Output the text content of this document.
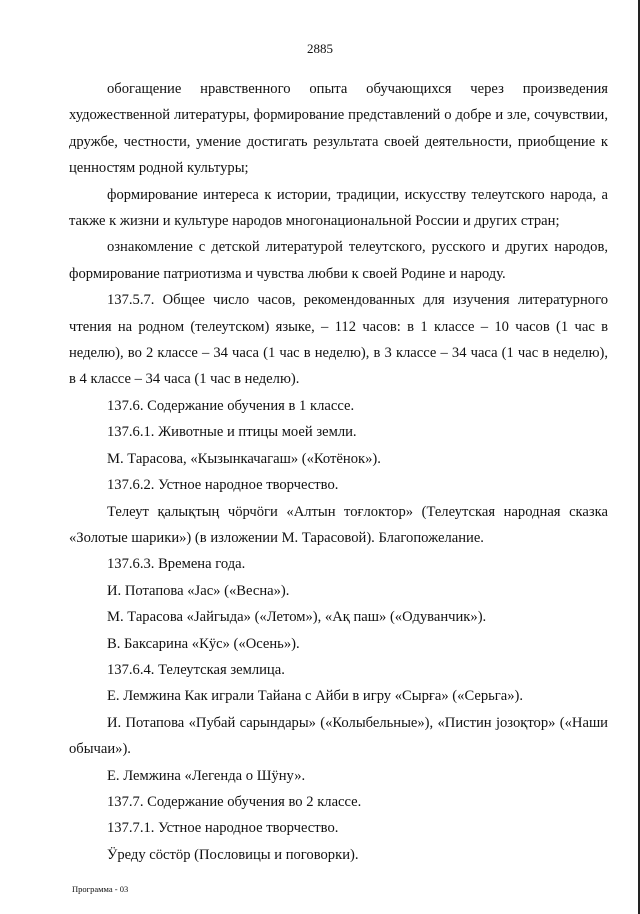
2885

обогащение нравственного опыта обучающихся через произведения художественной литературы, формирование представлений о добре и зле, сочувствии, дружбе, честности, умение достигать результата своей деятельности, приобщение к ценностям родной культуры;

формирование интереса к истории, традиции, искусству телеутского народа, а также к жизни и культуре народов многонациональной России и других стран;

ознакомление с детской литературой телеутского, русского и других народов, формирование патриотизма и чувства любви к своей Родине и народу.

137.5.7. Общее число часов, рекомендованных для изучения литературного чтения на родном (телеутском) языке, – 112 часов: в 1 классе – 10 часов (1 час в неделю), во 2 классе – 34 часа (1 час в неделю), в 3 классе – 34 часа (1 час в неделю), в 4 классе – 34 часа (1 час в неделю).

137.6. Содержание обучения в 1 классе.

137.6.1. Животные и птицы моей земли.

М. Тарасова, «Кызынкачагаш» («Котёнок»).

137.6.2. Устное народное творчество.

Телеут қалықтың чӧрчӧги «Алтын тоғлоктор» (Телеутская народная сказка «Золотые шарики») (в изложении М. Тарасовой). Благопожелание.

137.6.3. Времена года.

И. Потапова «Јас» («Весна»).

М. Тарасова «Јайгыда» («Летом»), «Ақ паш» («Одуванчик»).

В. Баксарина «Кӱс» («Осень»).

137.6.4. Телеутская землица.

Е. Лемжина Как играли Тайана с Айби в игру «Сырға» («Серьга»).

И. Потапова «Пубай сарындары» («Колыбельные»), «Пистин јозоқтор» («Наши обычаи»).

Е. Лемжина «Легенда о Шӱну».

137.7. Содержание обучения во 2 классе.

137.7.1. Устное народное творчество.

Ӱреду сӧстӧр (Пословицы и поговорки).

Программа - 03
